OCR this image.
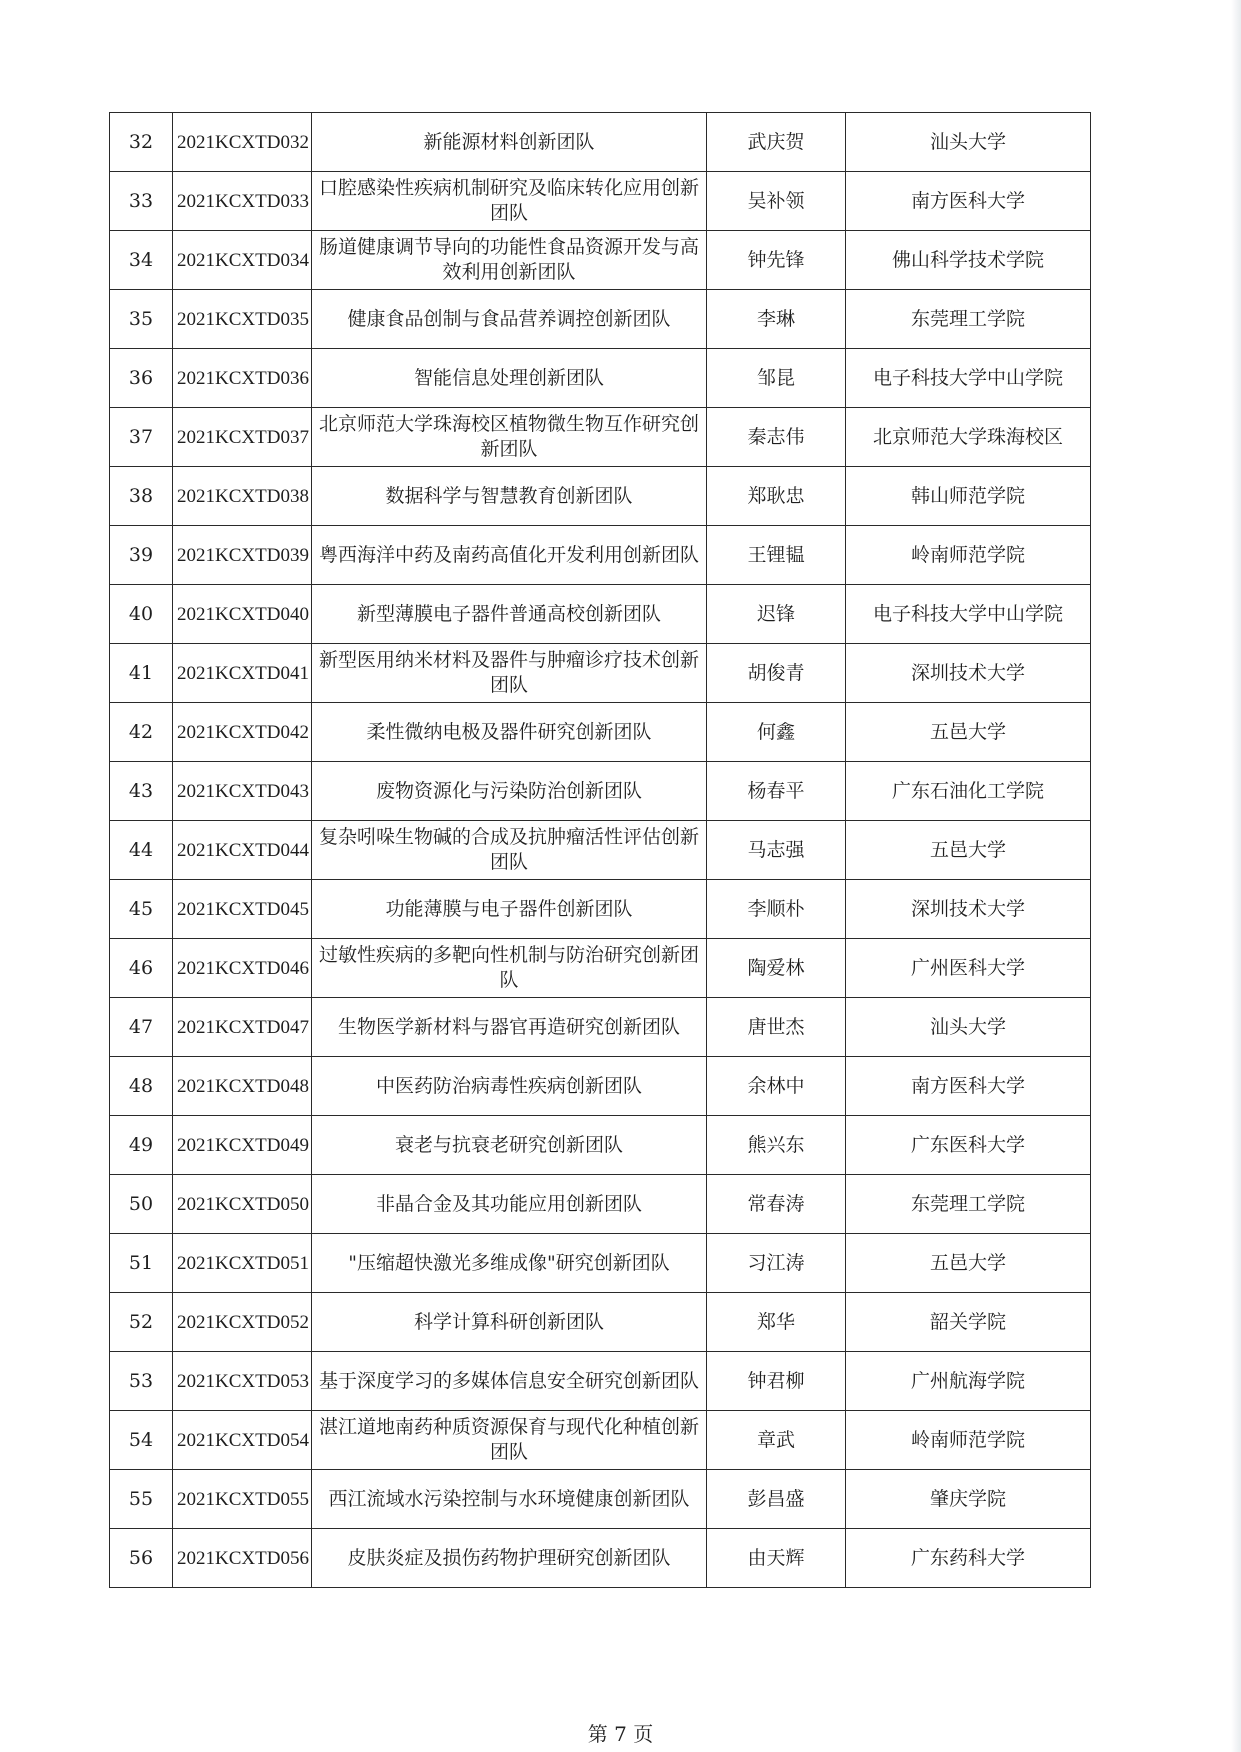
32	2021KCXTD032	新能源材料创新团队	武庆贺	汕头大学
33	2021KCXTD033	口腔感染性疾病机制研究及临床转化应用创新团队	吴补领	南方医科大学
34	2021KCXTD034	肠道健康调节导向的功能性食品资源开发与高效利用创新团队	钟先锋	佛山科学技术学院
35	2021KCXTD035	健康食品创制与食品营养调控创新团队	李琳	东莞理工学院
36	2021KCXTD036	智能信息处理创新团队	邹昆	电子科技大学中山学院
37	2021KCXTD037	北京师范大学珠海校区植物微生物互作研究创新团队	秦志伟	北京师范大学珠海校区
38	2021KCXTD038	数据科学与智慧教育创新团队	郑耿忠	韩山师范学院
39	2021KCXTD039	粤西海洋中药及南药高值化开发利用创新团队	王锂韫	岭南师范学院
40	2021KCXTD040	新型薄膜电子器件普通高校创新团队	迟锋	电子科技大学中山学院
41	2021KCXTD041	新型医用纳米材料及器件与肿瘤诊疗技术创新团队	胡俊青	深圳技术大学
42	2021KCXTD042	柔性微纳电极及器件研究创新团队	何鑫	五邑大学
43	2021KCXTD043	废物资源化与污染防治创新团队	杨春平	广东石油化工学院
44	2021KCXTD044	复杂吲哚生物碱的合成及抗肿瘤活性评估创新团队	马志强	五邑大学
45	2021KCXTD045	功能薄膜与电子器件创新团队	李顺朴	深圳技术大学
46	2021KCXTD046	过敏性疾病的多靶向性机制与防治研究创新团队	陶爱林	广州医科大学
47	2021KCXTD047	生物医学新材料与器官再造研究创新团队	唐世杰	汕头大学
48	2021KCXTD048	中医药防治病毒性疾病创新团队	余林中	南方医科大学
49	2021KCXTD049	衰老与抗衰老研究创新团队	熊兴东	广东医科大学
50	2021KCXTD050	非晶合金及其功能应用创新团队	常春涛	东莞理工学院
51	2021KCXTD051	"压缩超快激光多维成像"研究创新团队	习江涛	五邑大学
52	2021KCXTD052	科学计算科研创新团队	郑华	韶关学院
53	2021KCXTD053	基于深度学习的多媒体信息安全研究创新团队	钟君柳	广州航海学院
54	2021KCXTD054	湛江道地南药种质资源保育与现代化种植创新团队	章武	岭南师范学院
55	2021KCXTD055	西江流域水污染控制与水环境健康创新团队	彭昌盛	肇庆学院
56	2021KCXTD056	皮肤炎症及损伤药物护理研究创新团队	由天辉	广东药科大学
第 7 页
